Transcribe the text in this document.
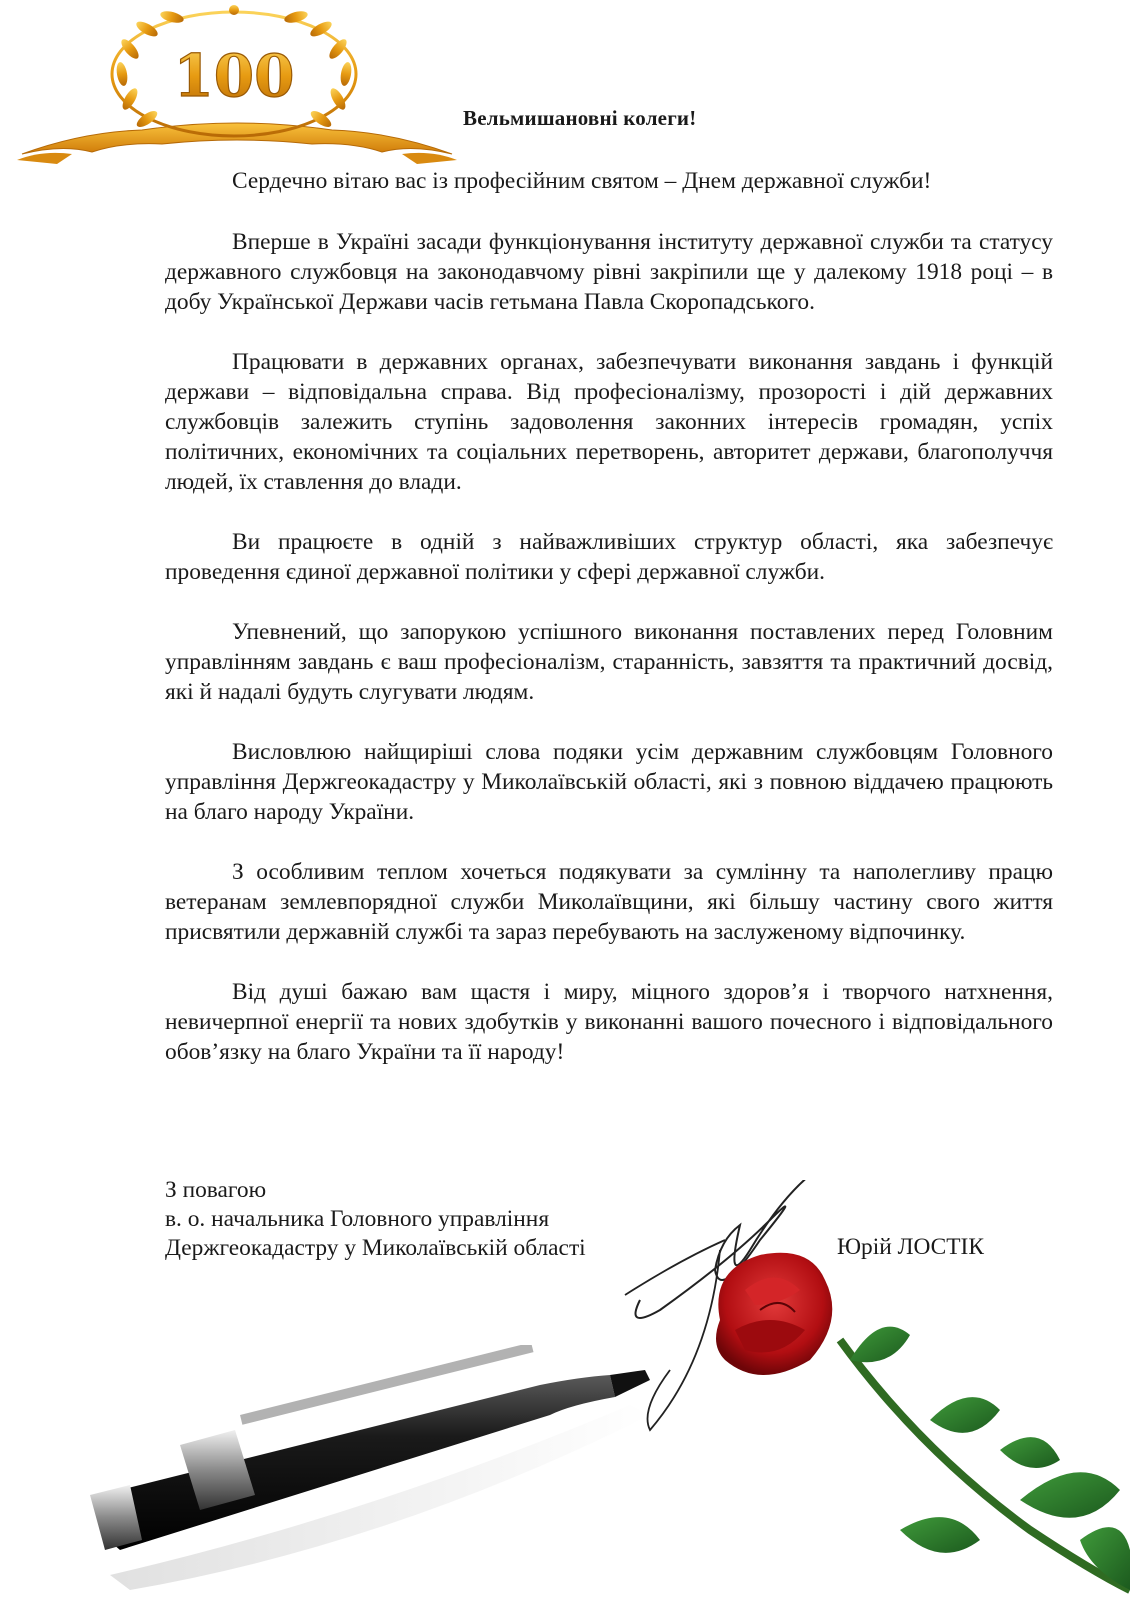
100
Вельмишановні колеги!

Сердечно вітаю вас із професійним святом – Днем державної служби!

Вперше в Україні засади функціонування інституту державної служби та статусу державного службовця на законодавчому рівні закріпили ще у далекому 1918 році – в добу Української Держави часів гетьмана Павла Скоропадського.

Працювати в державних органах, забезпечувати виконання завдань і функцій держави – відповідальна справа. Від професіоналізму, прозорості і дій державних службовців залежить ступінь задоволення законних інтересів громадян, успіх політичних, економічних та соціальних перетворень, авторитет держави, благополуччя людей, їх ставлення до влади.

Ви працюєте в одній з найважливіших структур області, яка забезпечує проведення єдиної державної політики у сфері державної служби.

Упевнений, що запорукою успішного виконання поставлених перед Головним управлінням завдань є ваш професіоналізм, старанність, завзяття та практичний досвід, які й надалі будуть слугувати людям.

Висловлюю найщиріші слова подяки усім державним службовцям Головного управління Держгеокадастру у Миколаївській області, які з повною віддачею працюють на благо народу України.

З особливим теплом хочеться подякувати за сумлінну та наполегливу працю ветеранам землевпорядної служби Миколаївщини, які більшу частину свого життя присвятили державній службі та зараз перебувають на заслуженому відпочинку.

Від душі бажаю вам щастя і миру, міцного здоров’я і творчого натхнення, невичерпної енергії та нових здобутків у виконанні вашого почесного і відповідального обов’язку на благо України та її народу!

З повагою
в. о. начальника Головного управління
Держгеокадастру у Миколаївській області	Юрій ЛОСТІК
